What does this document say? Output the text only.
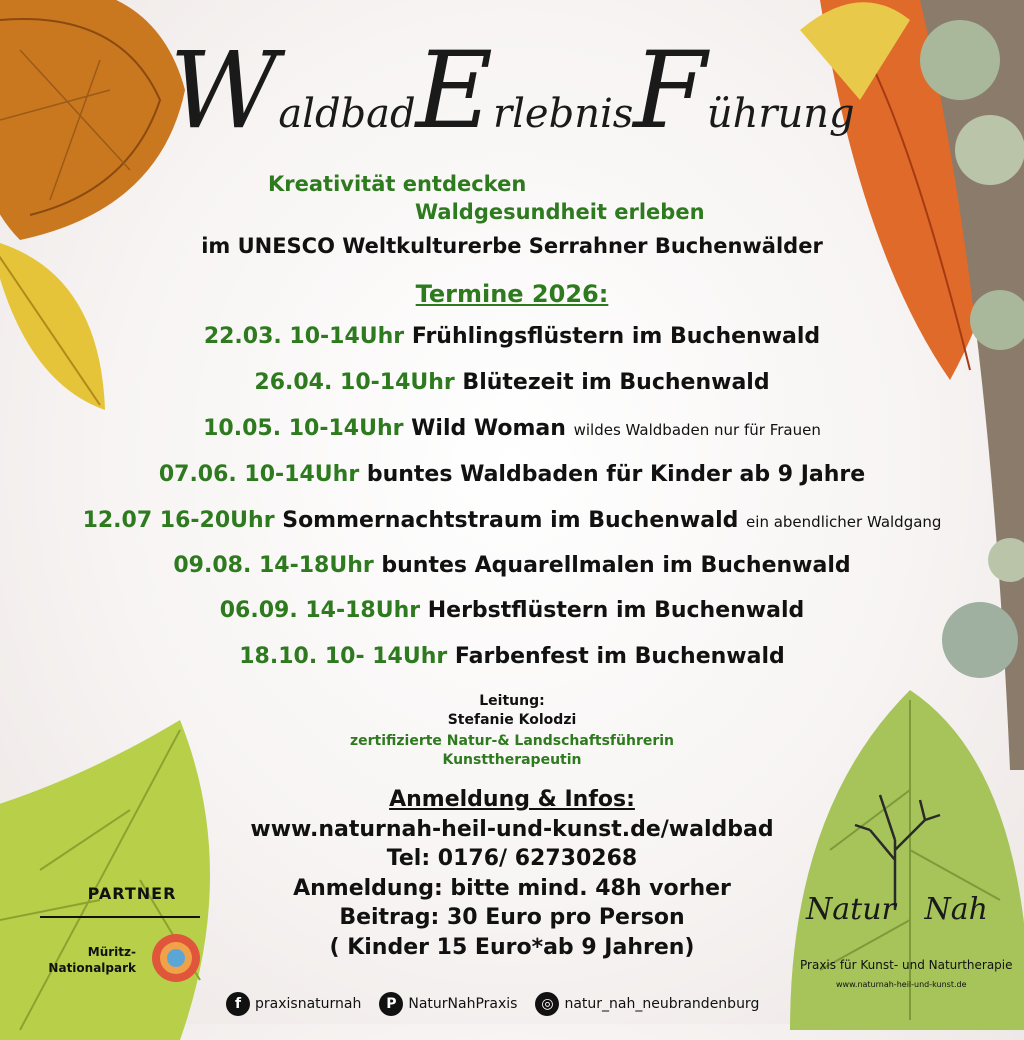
WaldbadErlebnisFührung
Kreativität entdecken
Waldgesundheit erleben
im UNESCO Weltkulturerbe Serrahner Buchenwälder
Termine 2026:
22.03. 10-14Uhr Frühlingsflüstern im Buchenwald
26.04. 10-14Uhr Blütezeit im Buchenwald
10.05. 10-14Uhr Wild Woman wildes Waldbaden nur für Frauen
07.06. 10-14Uhr buntes Waldbaden für Kinder ab 9 Jahre
12.07 16-20Uhr Sommernachtstraum im Buchenwald ein abendlicher Waldgang
09.08. 14-18Uhr buntes Aquarellmalen im Buchenwald
06.09. 14-18Uhr Herbstflüstern im Buchenwald
18.10. 10- 14Uhr Farbenfest im Buchenwald
Leitung:
Stefanie Kolodzi
zertifizierte Natur-& Landschaftsführerin
Kunsttherapeutin
Anmeldung & Infos:
www.naturnah-heil-und-kunst.de/waldbad
Tel: 0176/ 62730268
Anmeldung: bitte mind. 48h vorher
Beitrag: 30 Euro pro Person
( Kinder 15 Euro*ab 9 Jahren)
PARTNER
Müritz-
Nationalpark
Natur Nah
Praxis für Kunst- und Naturtherapie
www.naturnah-heil-und-kunst.de
f praxisnaturnah	P NaturNahPraxis	◎ natur_nah_neubrandenburg
